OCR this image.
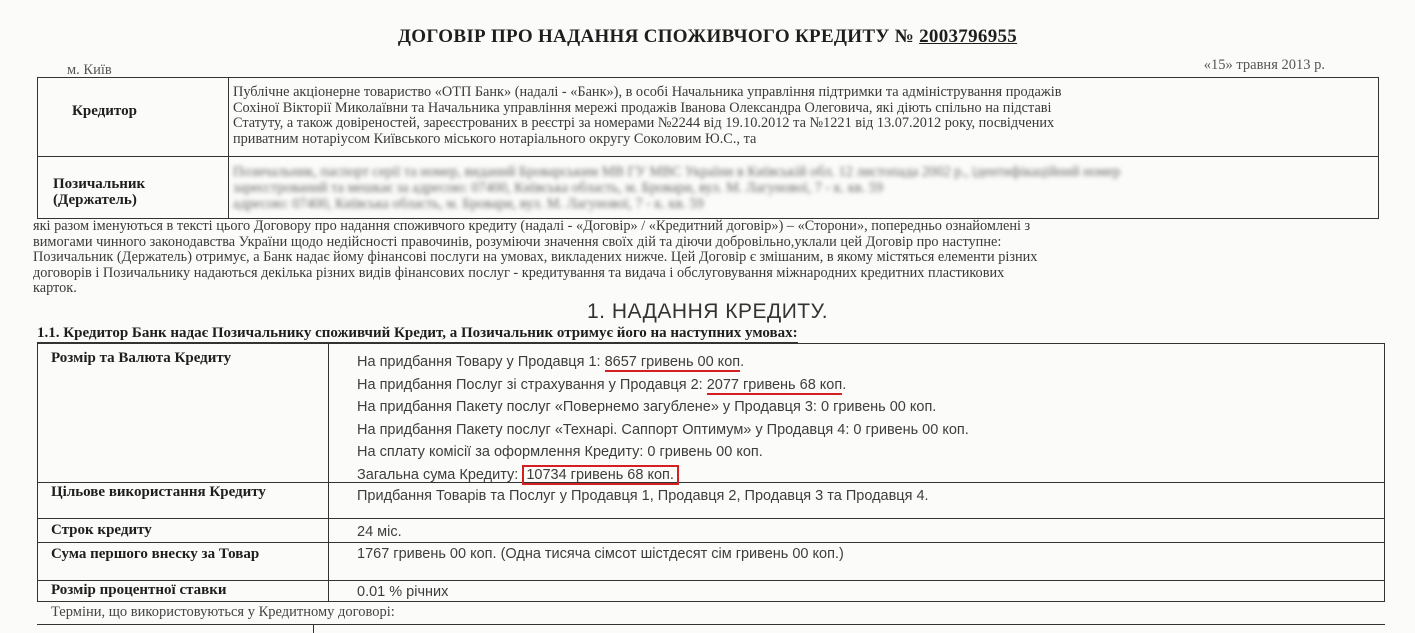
ДОГОВІР ПРО НАДАННЯ СПОЖИВЧОГО КРЕДИТУ № 2003796955
м. Київ	«15» травня 2013 р.
Кредитор
Публічне акціонерне товариство «ОТП Банк» (надалі - «Банк»), в особі Начальника управління підтримки та адміністрування продажів
Сохіної Вікторії Миколаївни та Начальника управління мережі продажів Іванова Олександра Олеговича, які діють спільно на підставі
Статуту, а також довіреностей, зареєстрованих в реєстрі за номерами №2244 від 19.10.2012 та №1221 від 13.07.2012 року, посвідчених
приватним нотаріусом Київського міського нотаріального округу Соколовим Ю.С., та
Позичальник (Держатель)
Позичальник, паспорт серії та номер, виданий Броварським МВ ГУ МВС України в Київській обл. 12 листопада 2002 р., ідентифікаційний номер
зареєстрований та мешкає за адресою: 07400, Київська область, м. Бровари, вул. М. Лагунової, 7 - к. кв. 59
адресою: 07400, Київська область, м. Бровари, вул. М. Лагунової, 7 - к. кв. 59
які разом іменуються в тексті цього Договору про надання споживчого кредиту (надалі - «Договір» / «Кредитний договір») – «Сторони», попередньо ознайомлені з
вимогами чинного законодавства України щодо недійсності правочинів, розуміючи значення своїх дій та діючи добровільно,уклали цей Договір про наступне:
Позичальник (Держатель) отримує, а Банк надає йому фінансові послуги на умовах, викладених нижче. Цей Договір є змішаним, в якому містяться елементи різних
договорів і Позичальнику надаються декілька різних видів фінансових послуг - кредитування та видача і обслуговування міжнародних кредитних пластикових
карток.
1. НАДАННЯ КРЕДИТУ.
1.1. Кредитор Банк надає Позичальнику споживчий Кредит, а Позичальник отримує його на наступних умовах:
Розмір та Валюта Кредиту	На придбання Товару у Продавця 1: 8657 гривень 00 коп.
На придбання Послуг зі страхування у Продавця 2: 2077 гривень 68 коп.
На придбання Пакету послуг «Повернемо загублене» у Продавця 3: 0 гривень 00 коп.
На придбання Пакету послуг «Технарі. Саппорт Оптимум» у Продавця 4: 0 гривень 00 коп.
На сплату комісії за оформлення Кредиту: 0 гривень 00 коп.
Загальна сума Кредиту: 10734 гривень 68 коп.
Цільове використання Кредиту	Придбання Товарів та Послуг у Продавця 1, Продавця 2, Продавця 3 та Продавця 4.
Строк кредиту	24 міс.
Сума першого внеску за Товар	1767 гривень 00 коп. (Одна тисяча сімсот шістдесят сім гривень 00 коп.)
Розмір процентної ставки	0.01 % річних
Терміни, що використовуються у Кредитному договорі:
